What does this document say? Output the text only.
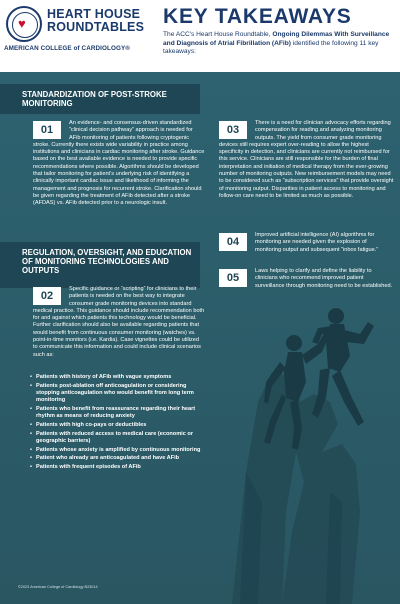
♥
HEART HOUSE ROUNDTABLES
AMERICAN COLLEGE of CARDIOLOGY®
KEY TAKEAWAYS
The ACC's Heart House Roundtable, Ongoing Dilemmas With Surveillance and Diagnosis of Atrial Fibrillation (AFib) identified the following 11 key takeaways:
STANDARDIZATION OF POST-STROKE MONITORING
01
An evidence- and consensus-driven standardized “clinical decision pathway” approach is needed for AFib monitoring of patients following cryptogenic stroke. Currently there exists wide variability in practice among institutions and clinicians in cardiac monitoring after stroke. Guidance based on the best available evidence is needed to provide specific recommendations where possible. Algorithms should be developed that tailor monitoring for patient’s underlying risk of identifying a clinically important cardiac issue and likelihood of informing the management and prognosis for recurrent stroke. Clarification should be given regarding the treatment of AFib detected after a stroke (AFDAS) vs. AFib detected prior to a neurologic insult.
REGULATION, OVERSIGHT, AND EDUCATION OF MONITORING TECHNOLOGIES AND OUTPUTS
02
Specific guidance or “scripting” for clinicians to their patients is needed on the best way to integrate consumer grade monitoring devices into standard medical practice. This guidance should include recommendation both for and against which patients this technology would be beneficial. Further clarification should also be available regarding patients that would benefit from continuous consumer monitoring (watches) vs. point-in-time monitors (i.e. Kardia). Case vignettes could be utilized to communicate this information and could include clinical scenarios such as:
• Patients with history of AFib with vague symptoms
• Patients post-ablation off anticoagulation or considering stopping anticoagulation who would benefit from long term monitoring
• Patients who benefit from reassurance regarding their heart rhythm as means of reducing anxiety
• Patients with high co-pays or deductibles
• Patients with reduced access to medical care (economic or geographic barriers)
• Patients whose anxiety is amplified by continuous monitoring
• Patient who already are anticoagulated and have AFib
• Patients with frequent episodes of AFib
03
There is a need for clinician advocacy efforts regarding compensation for reading and analyzing monitoring outputs. The yield from consumer grade monitoring devices still requires expert over-reading to allow the highest specificity in detection, and clinicians are currently not reimbursed for this service. Clinicians are still responsible for the burden of final interpretation and initiation of medical therapy from the ever-growing number of monitoring outputs. New reimbursement models may need to be considered such as “subscription services” that provide oversight of monitoring output. Disparities in patient access to monitoring and follow-on care need to be limited as much as possible.
04
Improved artificial intelligence (AI) algorithms for monitoring are needed given the explosion of monitoring output and subsequent “inbox fatigue.”
05
Laws helping to clarify and define the liability to clinicians who recommend improved patient surveillance through monitoring need to be established.
©2023 American College of Cardiology B23014
